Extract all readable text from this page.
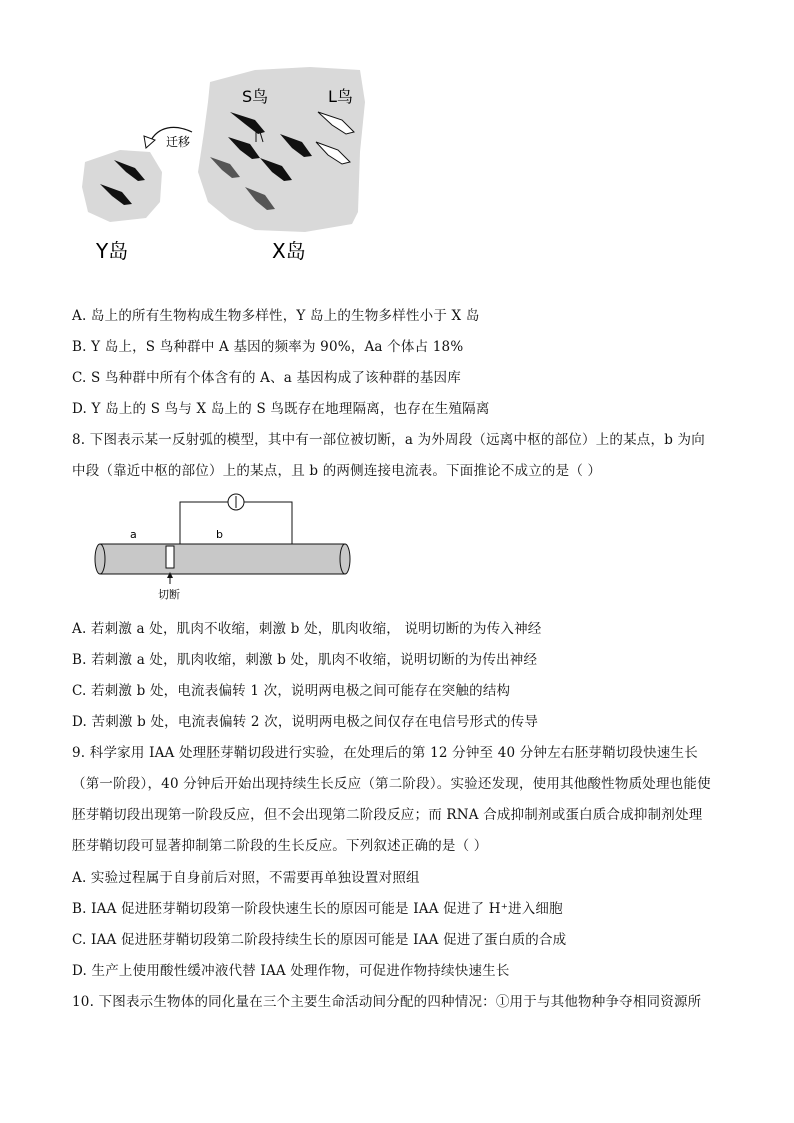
S鸟	L鸟
迁移
Y岛	X岛
A. 岛上的所有生物构成生物多样性，Y 岛上的生物多样性小于 X 岛
B. Y 岛上，S 鸟种群中 A 基因的频率为 90%，Aa 个体占 18%
C. S 鸟种群中所有个体含有的 A、a 基因构成了该种群的基因库
D. Y 岛上的 S 鸟与 X 岛上的 S 鸟既存在地理隔离，也存在生殖隔离
8. 下图表示某一反射弧的模型，其中有一部位被切断，a 为外周段（远离中枢的部位）上的某点，b 为向
中段（靠近中枢的部位）上的某点，且 b 的两侧连接电流表。下面推论不成立的是（ ）
a	b
切断
A. 若刺激 a 处，肌肉不收缩，刺激 b 处，肌肉收缩， 说明切断的为传入神经
B. 若刺激 a 处，肌肉收缩，刺激 b 处，肌肉不收缩，说明切断的为传出神经
C. 若刺激 b 处，电流表偏转 1 次，说明两电极之间可能存在突触的结构
D. 苦刺激 b 处，电流表偏转 2 次，说明两电极之间仅存在电信号形式的传导
9. 科学家用 IAA 处理胚芽鞘切段进行实验，在处理后的第 12 分钟至 40 分钟左右胚芽鞘切段快速生长
（第一阶段），40 分钟后开始出现持续生长反应（第二阶段）。实验还发现，使用其他酸性物质处理也能使
胚芽鞘切段出现第一阶段反应，但不会出现第二阶段反应；而 RNA 合成抑制剂或蛋白质合成抑制剂处理
胚芽鞘切段可显著抑制第二阶段的生长反应。下列叙述正确的是（ ）
A. 实验过程属于自身前后对照，不需要再单独设置对照组
B. IAA 促进胚芽鞘切段第一阶段快速生长的原因可能是 IAA 促进了 H⁺进入细胞
C. IAA 促进胚芽鞘切段第二阶段持续生长的原因可能是 IAA 促进了蛋白质的合成
D. 生产上使用酸性缓冲液代替 IAA 处理作物，可促进作物持续快速生长
10. 下图表示生物体的同化量在三个主要生命活动间分配的四种情况：①用于与其他物种争夺相同资源所
